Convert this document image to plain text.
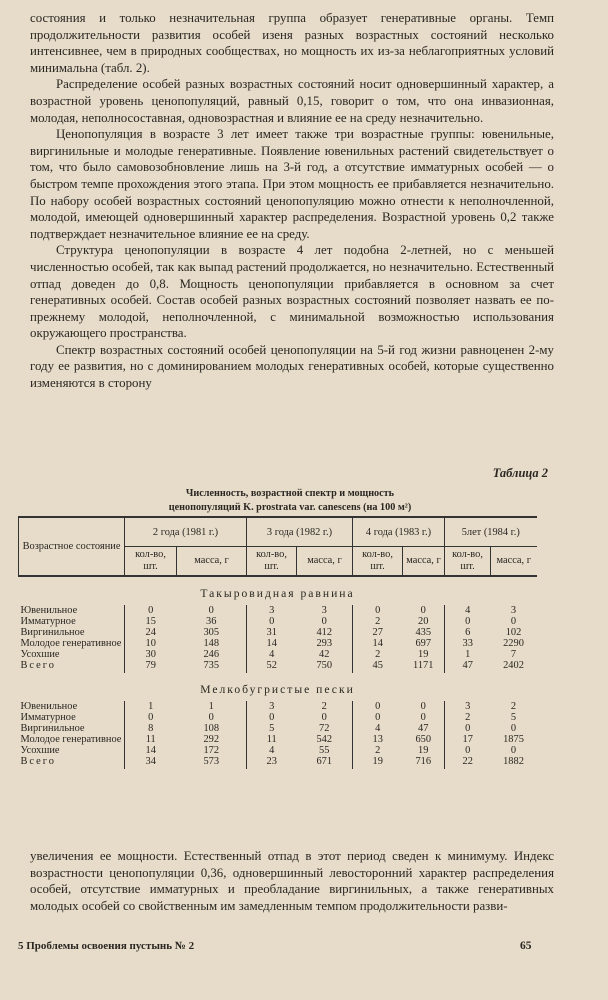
состояния и только незначительная группа образует генеративные органы. Темп продолжительности развития особей изеня разных возрастных состояний несколько интенсивнее, чем в природных сообществах, но мощность их из-за неблагоприятных условий минимальна (табл. 2).

Распределение особей разных возрастных состояний носит одновершинный характер, а возрастной уровень ценопопуляций, равный 0,15, говорит о том, что она инвазионная, молодая, неполносоставная, одновозрастная и влияние ее на среду незначительно.

Ценопопуляция в возрасте 3 лет имеет также три возрастные группы: ювенильные, виргинильные и молодые генеративные. Появление ювенильных растений свидетельствует о том, что было самовозобновление лишь на 3-й год, а отсутствие имматурных особей — о быстром темпе прохождения этого этапа. При этом мощность ее прибавляется незначительно. По набору особей возрастных состояний ценопопуляцию можно отнести к неполночленной, молодой, имеющей одновершинный характер распределения. Возрастной уровень 0,2 также подтверждает незначительное влияние ее на среду.

Структура ценопопуляции в возрасте 4 лет подобна 2-летней, но с меньшей численностью особей, так как выпад растений продолжается, но незначительно. Естественный отпад доведен до 0,8. Мощность ценопопуляции прибавляется в основном за счет генеративных особей. Состав особей разных возрастных состояний позволяет назвать ее по-прежнему молодой, неполночленной, с минимальной возможностью использования окружающего пространства.

Спектр возрастных состояний особей ценопопуляции на 5-й год жизни равноценен 2-му году ее развития, но с доминированием молодых генеративных особей, которые существенно изменяются в сторону

Таблица 2
Численность, возрастной спектр и мощность
ценопопуляций K. prostrata var. canescens (на 100 м²)
Возрастное состояние	2 года (1981 г.)		3 года (1982 г.)		4 года (1983 г.)		5лет (1984 г.)	
	кол-во, шт.	масса, г	кол-во, шт.	масса, г	кол-во, шт.	масса, г	кол-во, шт.	масса, г
Такыровидная равнина								
Ювенильное	0	0	3	3	0	0	4	3
Имматурное	15	36	0	0	2	20	0	0
Виргинильное	24	305	31	412	27	435	6	102
Молодое генеративное	10	148	14	293	14	697	33	2290
Усохшие	30	246	4	42	2	19	1	7
Всего	79	735	52	750	45	1171	47	2402
Мелкобугристые пески								
Ювенильное	1	1	3	2	0	0	3	2
Имматурное	0	0	0	0	0	0	2	5
Виргинильное	8	108	5	72	4	47	0	0
Молодое генеративное	11	292	11	542	13	650	17	1875
Усохшие	14	172	4	55	2	19	0	0
Всего	34	573	23	671	19	716	22	1882

увеличения ее мощности. Естественный отпад в этот период сведен к минимуму. Индекс возрастности ценопопуляции 0,36, одновершинный левосторонний характер распределения особей, отсутствие имматурных и преобладание виргинильных, а также генеративных молодых особей со свойственным им замедленным темпом продолжительности разви-

5 Проблемы освоения пустынь № 2	65
